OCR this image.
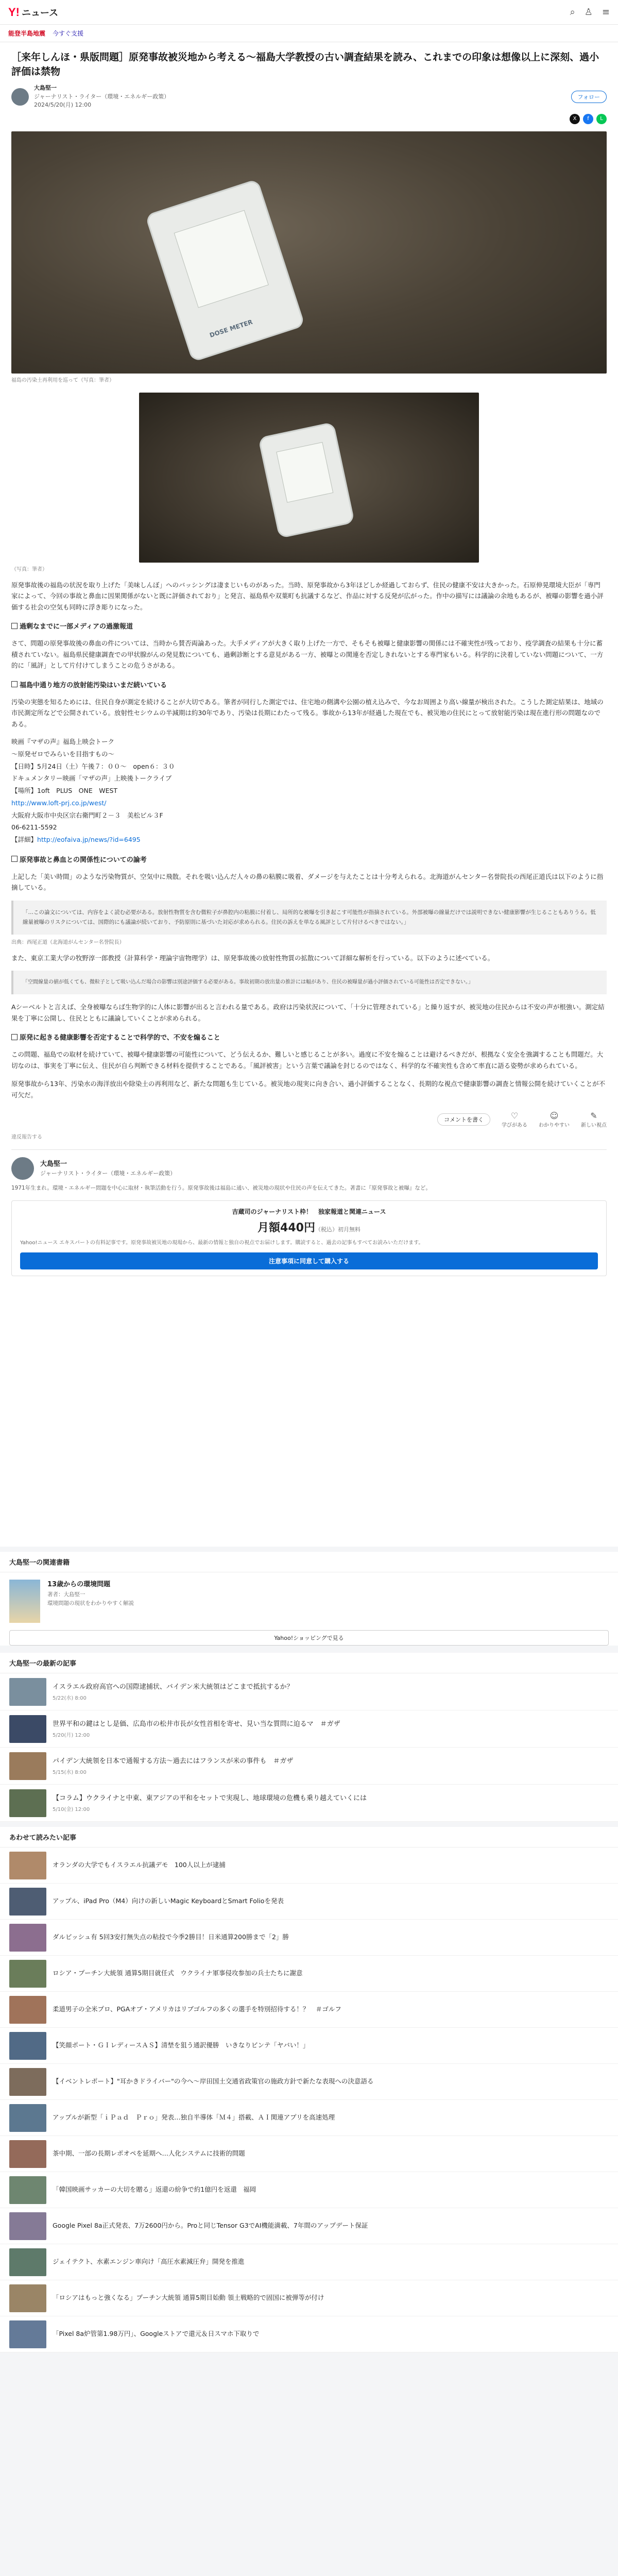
Y! ニュース	⌕ ♙ ≡
能登半島地震 今すぐ支援
［来年しんほ・県版問題］原発事故被災地から考える～福島大学教授の古い調査結果を読み、これまでの印象は想像以上に深刻、過小評価は禁物
大島堅一
ジャーナリスト・ライター（環境・エネルギー政策）
2024/5/20(月) 12:00
フォロー
X	f	L
DOSE METER
福島の汚染土再利用を巡って（写真：筆者）
（写真：筆者）

原発事故後の福島の状況を取り上げた「美味しんぼ」へのバッシングは凄まじいものがあった。当時、原発事故から3年ほどしか経過しておらず、住民の健康不安は大きかった。石原伸晃環境大臣が「専門家によって、今回の事故と鼻血に因果関係がないと既に評価されており」と発言、福島県や双葉町も抗議するなど、作品に対する反発が広がった。作中の描写には議論の余地もあるが、被曝の影響を過小評価する社会の空気も同時に浮き彫りになった。

過剰なまでに一部メディアの過激報道

さて、問題の原発事故後の鼻血の件については、当時から賛否両論あった。大手メディアが大きく取り上げた一方で、そもそも被曝と健康影響の関係には不確実性が残っており、疫学調査の結果も十分に蓄積されていない。福島県民健康調査での甲状腺がんの発見数についても、過剰診断とする意見がある一方、被曝との関連を否定しきれないとする専門家もいる。科学的に決着していない問題について、一方的に「風評」として片付けてしまうことの危うさがある。

福島中通り地方の放射能汚染はいまだ続いている

汚染の実態を知るためには、住民自身が測定を続けることが大切である。筆者が同行した測定では、住宅地の側溝や公園の植え込みで、今なお周囲より高い線量が検出された。こうした測定結果は、地域の市民測定所などで公開されている。放射性セシウムの半減期は約30年であり、汚染は長期にわたって残る。事故から13年が経過した現在でも、被災地の住民にとって放射能汚染は現在進行形の問題なのである。

映画『マザの声』福島上映会トーク
～原発ゼロでみらいを目指すもの～
【日時】5月24日（土）午後７：００～　open６：３０
ドキュメンタリー映画「マザの声」上映後トークライブ
【場所】1oft　PLUS　ONE　WEST
http://www.loft-prj.co.jp/west/
大阪府大阪市中央区宗右衛門町２－３　美松ビル３F
06-6211-5592
【詳細】http://eofaiva.jp/news/?id=6495
原発事故と鼻血との関係性についての論考

上記した「美い時間」のような汚染物質が、空気中に飛散。それを吸い込んだ人々の鼻の粘膜に吸着、ダメージを与えたことは十分考えられる。北海道がんセンター名誉院長の西尾正道氏は以下のように指摘している。

「…この論文については、内容をよく読む必要がある。放射性物質を含む微粒子が鼻腔内の粘膜に付着し、局所的な被曝を引き起こす可能性が指摘されている。外部被曝の線量だけでは説明できない健康影響が生じることもありうる。低線量被曝のリスクについては、国際的にも議論が続いており、予防原則に基づいた対応が求められる。住民の訴えを単なる風評として片付けるべきではない。」

出典：西尾正道（北海道がんセンター名誉院長）

また、東京工業大学の牧野淳一郎教授（計算科学・理論宇宙物理学）は、原発事故後の放射性物質の拡散について詳細な解析を行っている。以下のように述べている。

「空間線量の値が低くても、微粒子として吸い込んだ場合の影響は別途評価する必要がある。事故初期の放出量の推計には幅があり、住民の被曝量が過小評価されている可能性は否定できない。」

Aシーベルトと言えば、全身被曝ならば生物学的に人体に影響が出ると言われる量である。政府は汚染状況について、「十分に管理されている」と繰り返すが、被災地の住民からは不安の声が根強い。測定結果を丁寧に公開し、住民とともに議論していくことが求められる。

原発に起きる健康影響を否定することで科学的で、不安を煽ること

この問題、福島での取材を続けていて、被曝や健康影響の可能性について、どう伝えるか、難しいと感じることが多い。過度に不安を煽ることは避けるべきだが、根拠なく安全を強調することも問題だ。大切なのは、事実を丁寧に伝え、住民が自ら判断できる材料を提供することである。「風評被害」という言葉で議論を封じるのではなく、科学的な不確実性も含めて率直に語る姿勢が求められている。

原発事故から13年、汚染水の海洋放出や除染土の再利用など、新たな問題も生じている。被災地の現実に向き合い、過小評価することなく、長期的な視点で健康影響の調査と情報公開を続けていくことが不可欠だ。

コメントを書く	♡
学びがある
☺
わかりやすい
✎
新しい視点
違反報告する
大島堅一
ジャーナリスト・ライター（環境・エネルギー政策）

1971年生まれ。環境・エネルギー問題を中心に取材・執筆活動を行う。原発事故後は福島に通い、被災地の現状や住民の声を伝えてきた。著書に『原発事故と被曝』など。

吉蔵司のジャーナリスト枠！　独家報道と関連ニュース
月額440円（税込）初月無料

Yahoo!ニュース エキスパートの有料記事です。原発事故被災地の現場から、最新の情報と独自の視点でお届けします。購読すると、過去の記事もすべてお読みいただけます。

注意事項に同意して購入する
大島堅一の関連書籍
13歳からの環境問題
著者：大島堅一
環境問題の現状をわかりやすく解説
Yahoo!ショッピングで見る
大島堅一の最新の記事
イスラエル政府高官への国際逮捕状、バイデン米大統領はどこまで抵抗するか？
5/22(水) 8:00
世界平和の鍵はとし是価、広島市の松井市長が女性首相を寄せ、見い当な質問に迫るマ　＃ガザ
5/20(月) 12:00
パイデン大統領を日本で通報する方法～過去にはフランスが米の事件も　＃ガザ
5/15(水) 8:00
【コラム】ウクライナと中東、東アジアの平和をセットで実現し、地球環境の危機も乗り越えていくには
5/10(金) 12:00
あわせて読みたい記事
オランダの大学でもイスラエル抗議デモ　100人以上が逮捕
アップル、iPad Pro（M4）向けの新しいMagic KeyboardとSmart Folioを発表
ダルビッシュ有 5回3安打無失点の粘投で今季2勝目！日米通算200勝まで「2」勝
ロシア・プーチン大統領 通算5期目就任式　ウクライナ軍事侵攻参加の兵士たちに謝意
柔道男子の全米プロ、PGAオブ・アメリカはリブゴルフの多くの選手を特別招待する！？　＃ゴルフ
【笑顔ポート・ＧＩレディースＡＳ】清埜を狙う通訳優勝　いきなりビンテ「ヤバい！」
【イベントレポート】"耳かきドライバー"の今へ～岸田国土交通省政策官の施政方針で新たな表現への決意語る
アップルが新型「ｉＰａｄ　Ｐｒｏ」発表…独自半導体「Ｍ４」搭載、ＡＩ関連アプリを高速処理
茶中期、一部の長期レポオペを延期へ…人化システムに技術的問題
「韓国映画サッカーの大切を贈る」返還の紛争で約1億円を返還　福岡
Google Pixel 8a正式発表、7万2600円から。Proと同じTensor G3でAI機能満載、7年間のアップデート保証
ジェイテクト、水素エンジン車向け「高圧水素減圧弁」開発を推進
「ロシアはもっと強くなる」プーチン大統領 通算5期目始動 領土戦略的で固国に被弾等が付け
「Pixel 8a炉管第1.98万円」、Googleストアで還元＆日スマホ下取りで
